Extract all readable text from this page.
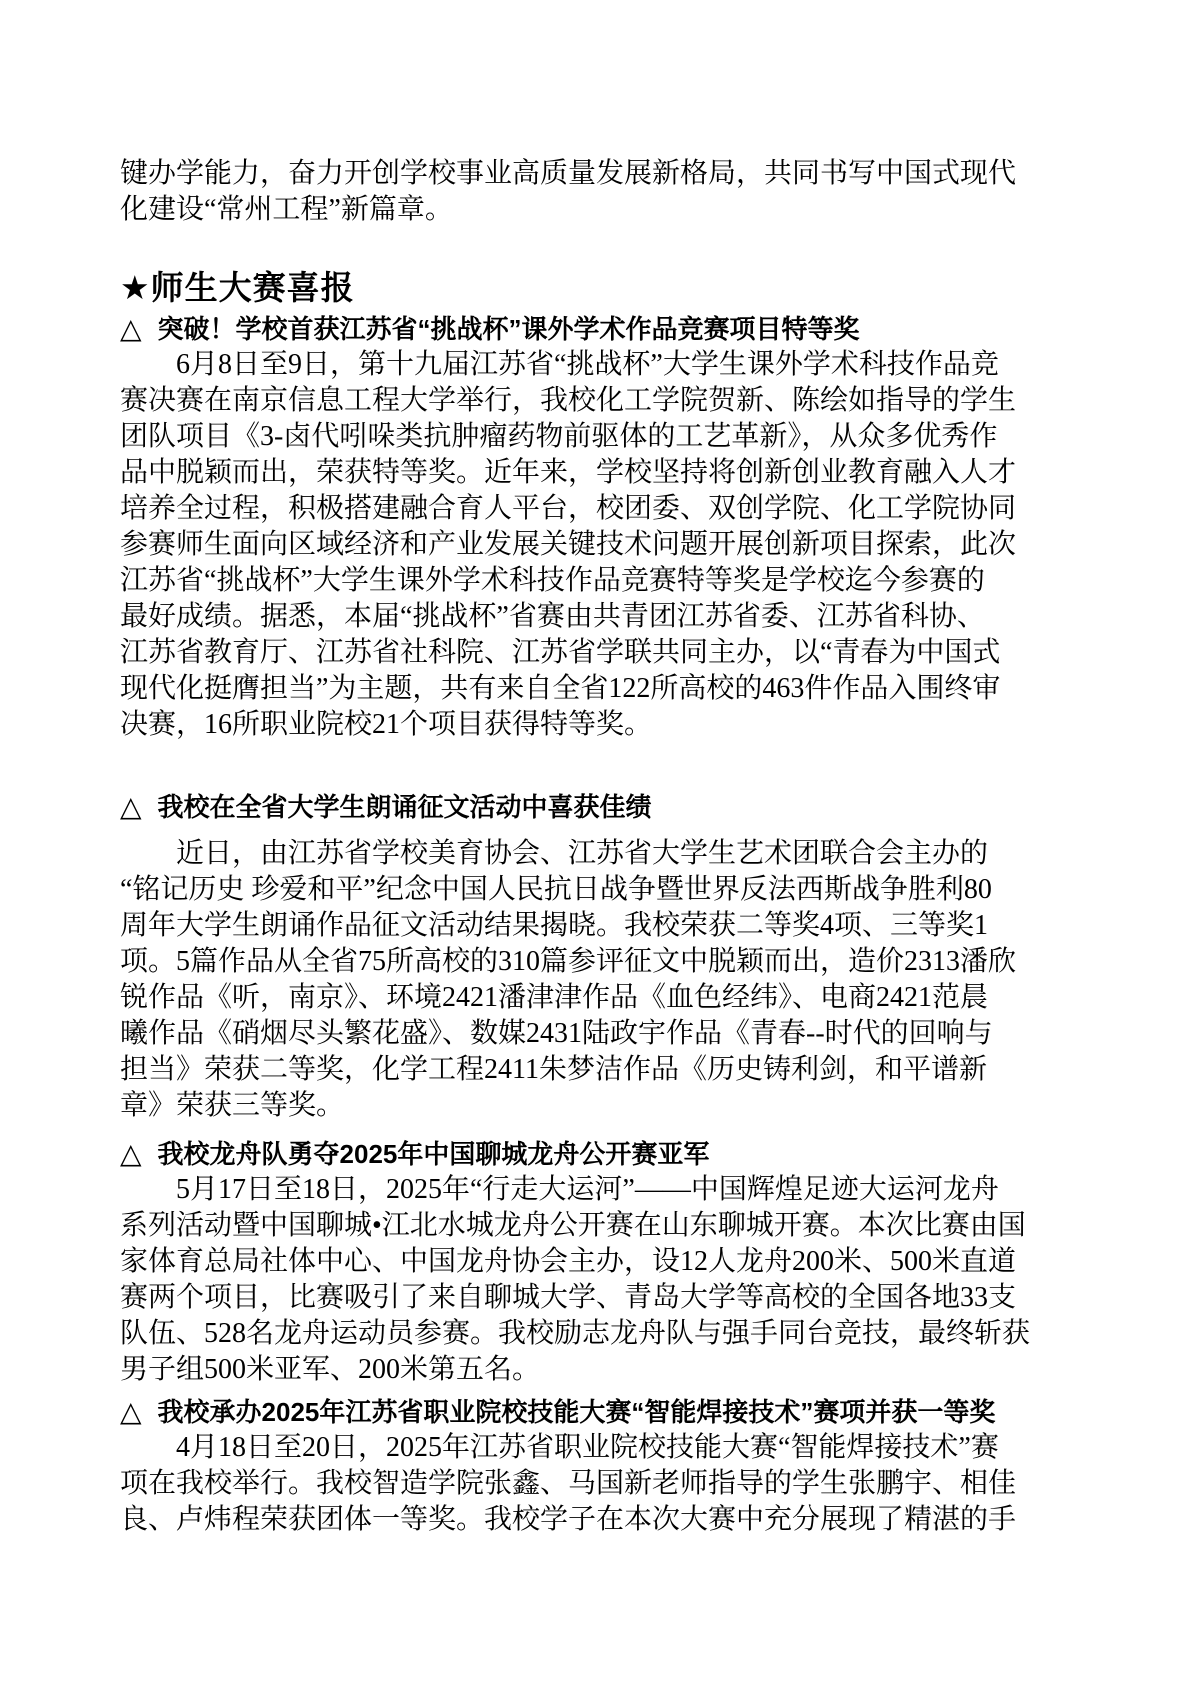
键办学能力，奋力开创学校事业高质量发展新格局，共同书写中国式现代
化建设“常州工程”新篇章。
★师生大赛喜报
△ 突破！学校首获江苏省“挑战杯”课外学术作品竞赛项目特等奖
　　6月8日至9日，第十九届江苏省“挑战杯”大学生课外学术科技作品竞
赛决赛在南京信息工程大学举行，我校化工学院贺新、陈绘如指导的学生
团队项目《3-卤代吲哚类抗肿瘤药物前驱体的工艺革新》，从众多优秀作
品中脱颖而出，荣获特等奖。近年来，学校坚持将创新创业教育融入人才
培养全过程，积极搭建融合育人平台，校团委、双创学院、化工学院协同
参赛师生面向区域经济和产业发展关键技术问题开展创新项目探索，此次
江苏省“挑战杯”大学生课外学术科技作品竞赛特等奖是学校迄今参赛的
最好成绩。据悉，本届“挑战杯”省赛由共青团江苏省委、江苏省科协、
江苏省教育厅、江苏省社科院、江苏省学联共同主办，以“青春为中国式
现代化挺膺担当”为主题，共有来自全省122所高校的463件作品入围终审
决赛，16所职业院校21个项目获得特等奖。
△ 我校在全省大学生朗诵征文活动中喜获佳绩
　　近日，由江苏省学校美育协会、江苏省大学生艺术团联合会主办的
“铭记历史 珍爱和平”纪念中国人民抗日战争暨世界反法西斯战争胜利80
周年大学生朗诵作品征文活动结果揭晓。我校荣获二等奖4项、三等奖1
项。5篇作品从全省75所高校的310篇参评征文中脱颖而出，造价2313潘欣
锐作品《听，南京》、环境2421潘津津作品《血色经纬》、电商2421范晨
曦作品《硝烟尽头繁花盛》、数媒2431陆政宇作品《青春--时代的回响与
担当》荣获二等奖，化学工程2411朱梦洁作品《历史铸利剑，和平谱新
章》荣获三等奖。
△ 我校龙舟队勇夺2025年中国聊城龙舟公开赛亚军
　　5月17日至18日，2025年“行走大运河”——中国辉煌足迹大运河龙舟
系列活动暨中国聊城•江北水城龙舟公开赛在山东聊城开赛。本次比赛由国
家体育总局社体中心、中国龙舟协会主办，设12人龙舟200米、500米直道
赛两个项目，比赛吸引了来自聊城大学、青岛大学等高校的全国各地33支
队伍、528名龙舟运动员参赛。我校励志龙舟队与强手同台竞技，最终斩获
男子组500米亚军、200米第五名。
△ 我校承办2025年江苏省职业院校技能大赛“智能焊接技术”赛项并获一等奖
　　4月18日至20日，2025年江苏省职业院校技能大赛“智能焊接技术”赛
项在我校举行。我校智造学院张鑫、马国新老师指导的学生张鹏宇、相佳
良、卢炜程荣获团体一等奖。我校学子在本次大赛中充分展现了精湛的手
